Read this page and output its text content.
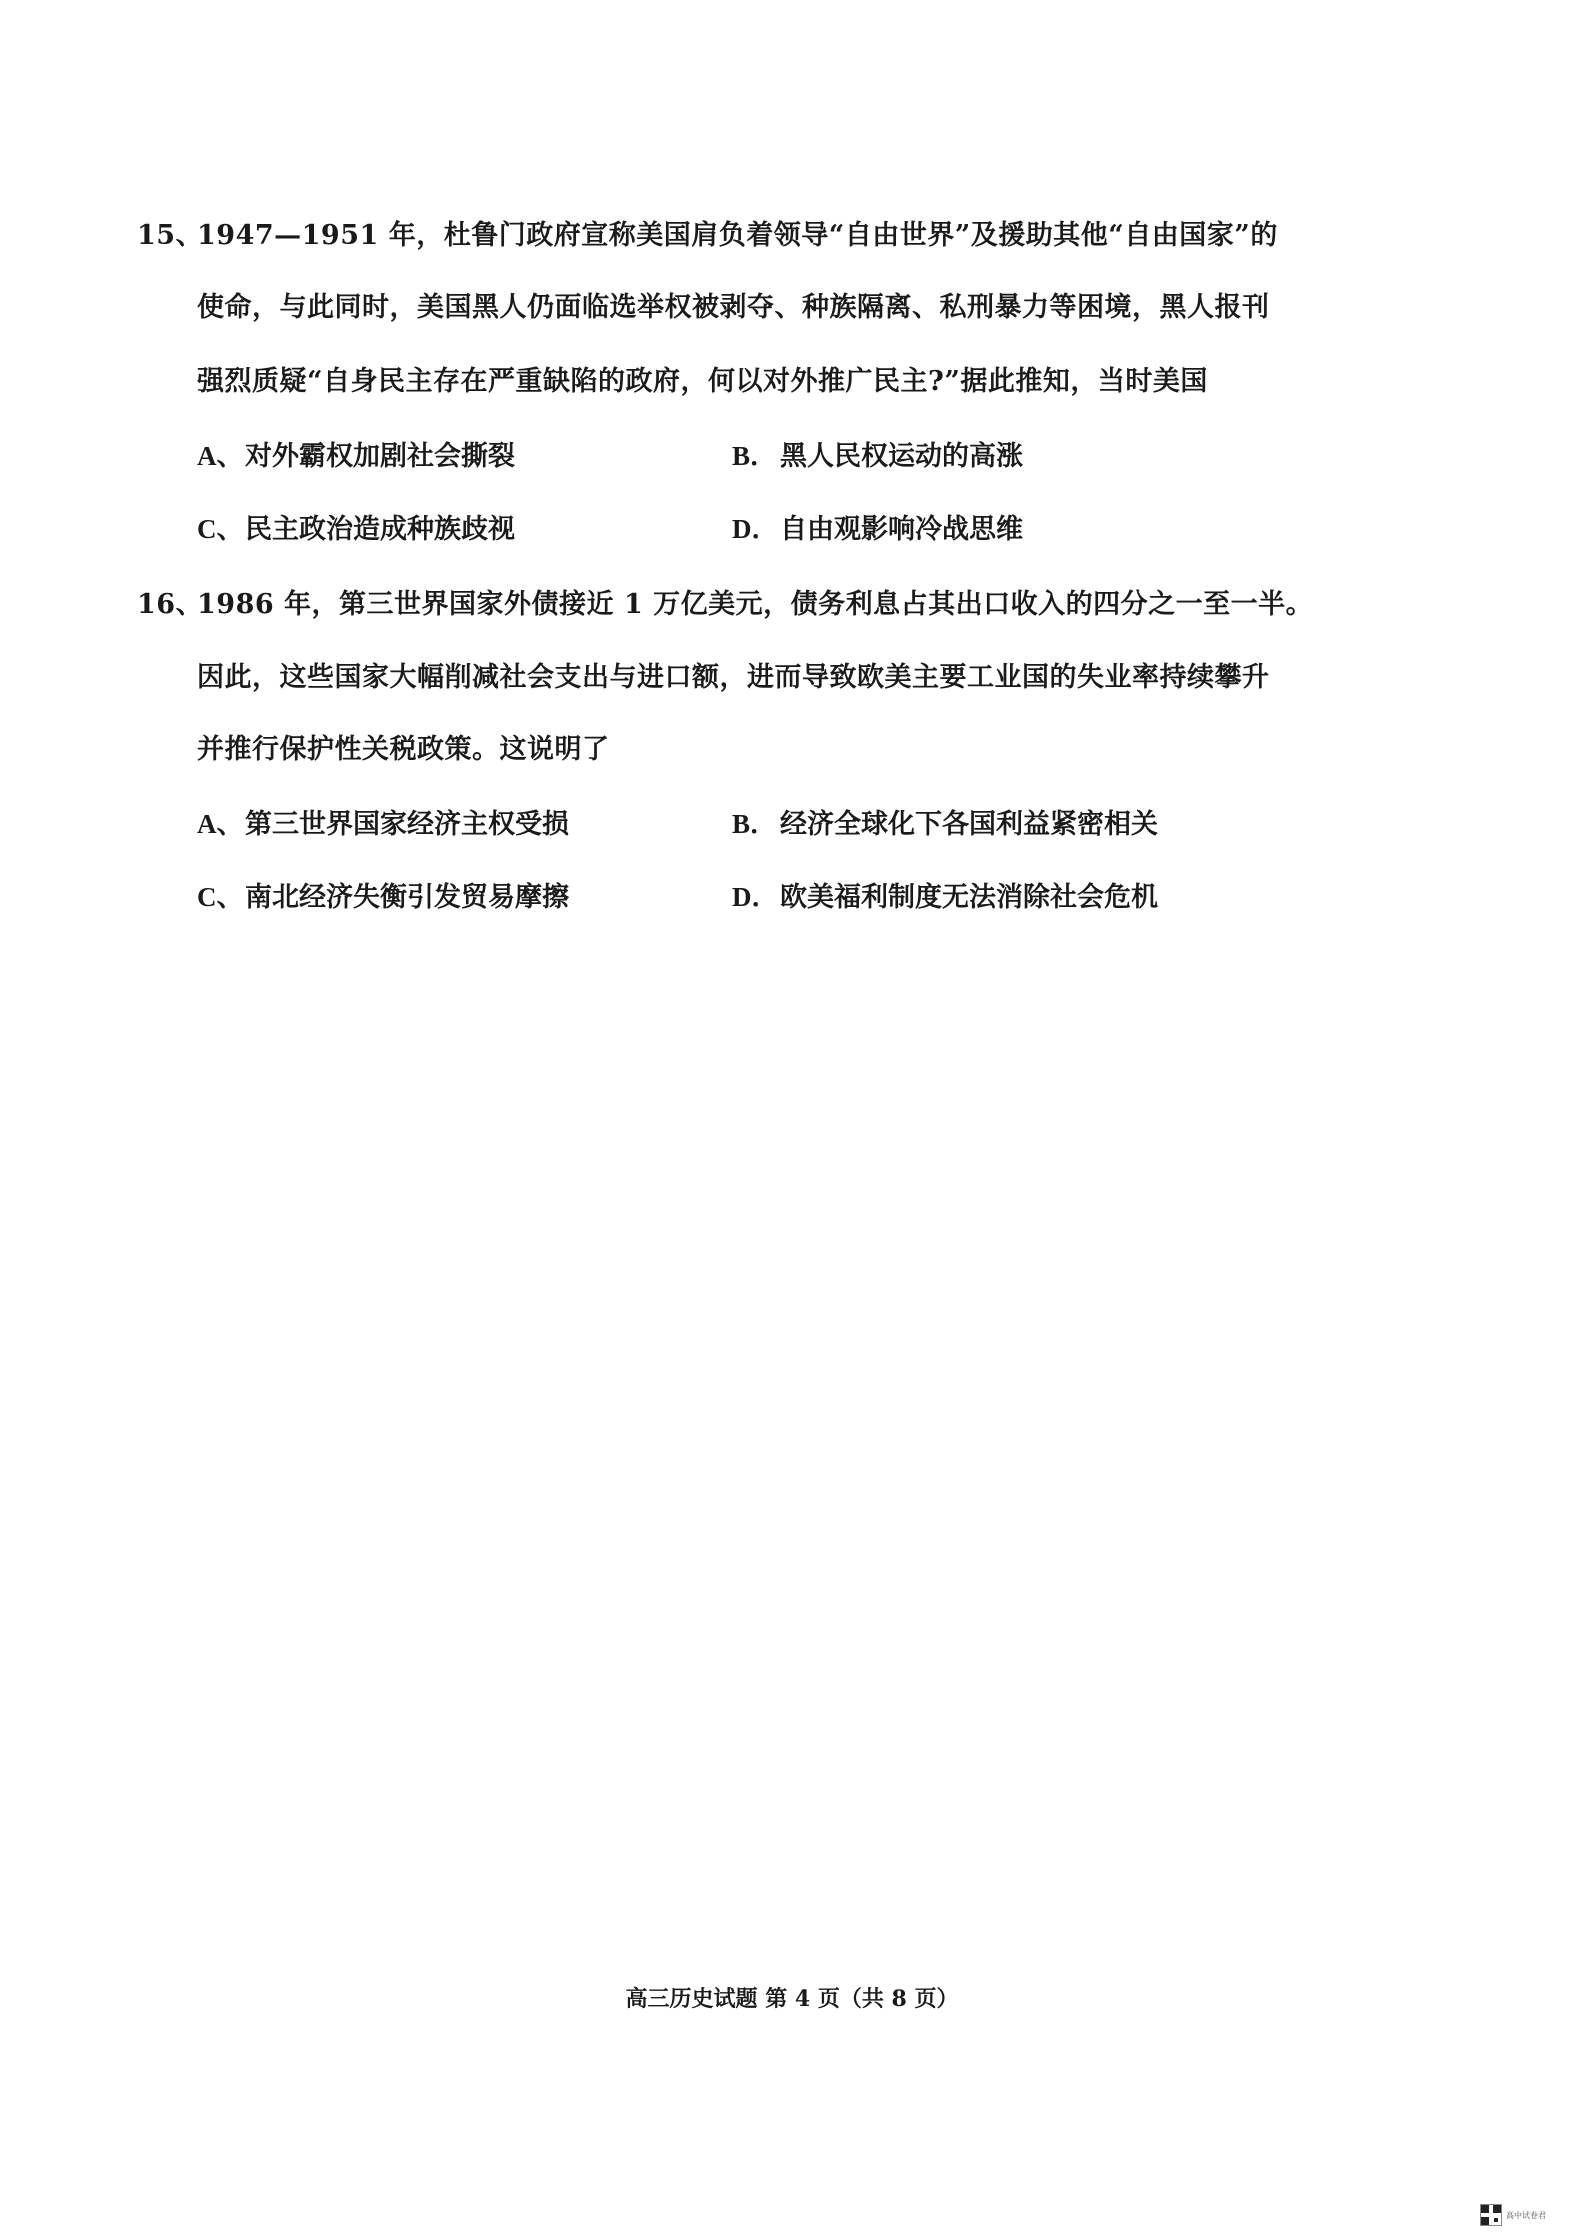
15、1947—1951 年，杜鲁门政府宣称美国肩负着领导“自由世界”及援助其他“自由国家”的
使命，与此同时，美国黑人仍面临选举权被剥夺、种族隔离、私刑暴力等困境，黑人报刊
强烈质疑“自身民主存在严重缺陷的政府，何以对外推广民主?”据此推知，当时美国
A、对外霸权加剧社会撕裂	B． 黑人民权运动的高涨
C、民主政治造成种族歧视	D．自由观影响冷战思维
16、1986 年，第三世界国家外债接近 1 万亿美元，债务利息占其出口收入的四分之一至一半。
因此，这些国家大幅削减社会支出与进口额，进而导致欧美主要工业国的失业率持续攀升
并推行保护性关税政策。这说明了
A、第三世界国家经济主权受损	B． 经济全球化下各国利益紧密相关
C、南北经济失衡引发贸易摩擦	D．欧美福利制度无法消除社会危机
高三历史试题 第 4 页（共 8 页）
高中试卷君
